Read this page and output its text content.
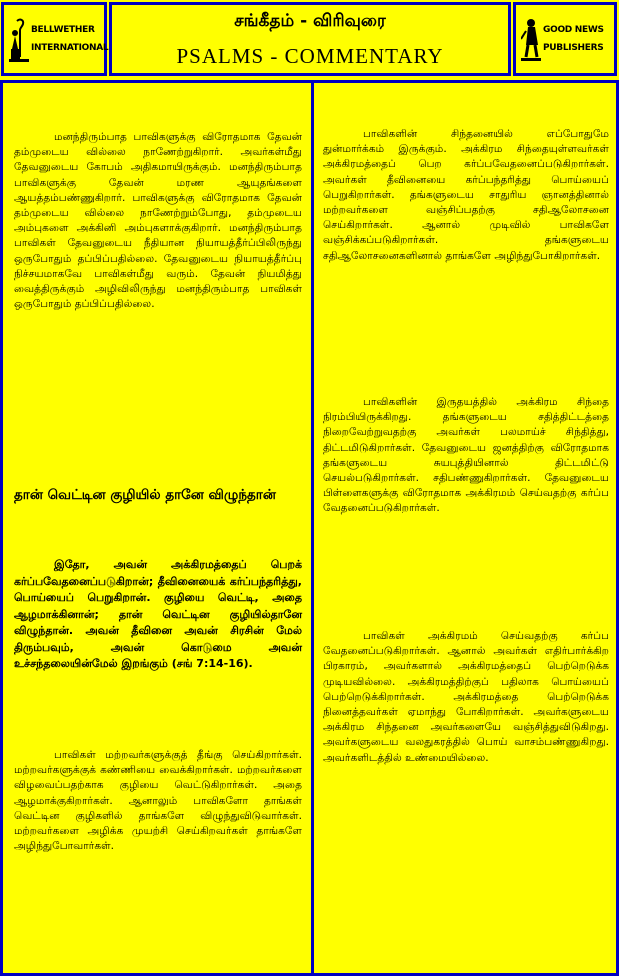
BELLWETHER
INTERNATIONAL
சங்கீதம் - விரிவுரை
PSALMS - COMMENTARY
GOOD NEWS
PUBLISHERS

மனந்திரும்பாத பாவிகளுக்கு விரோதமாக தேவன் தம்முடைய வில்லை நாணேற்றுகிறார். அவர்கள்மீது தேவனுடைய கோபம் அதிகமாயிருக்கும். மனந்திரும்பாத பாவிகளுக்கு தேவன் மரண ஆயுதங்களை ஆயத்தம்பண்ணுகிறார். பாவிகளுக்கு விரோதமாக தேவன் தம்முடைய வில்லை நாணேற்றும்போது, தம்முடைய அம்புகளை அக்கினி அம்புகளாக்குகிறார். மனந்திரும்பாத பாவிகள் தேவனுடைய நீதியான நியாயத்தீர்ப்பிலிருந்து ஒருபோதும் தப்பிப்பதில்லை. தேவனுடைய நியாயத்தீர்ப்பு நிச்சயமாகவே பாவிகள்மீது வரும். தேவன் நியமித்து வைத்திருக்கும் அழிவிலிருந்து மனந்திரும்பாத பாவிகள் ஒருபோதும் தப்பிப்பதில்லை.

தான் வெட்டின குழியில் தானே விழுந்தான்

இதோ, அவன் அக்கிரமத்தைப் பெறக் கர்ப்பவேதனைப்படுகிறான்; தீவினையைக் கர்ப்பந்தரித்து, பொய்யைப் பெறுகிறான். குழியை வெட்டி, அதை ஆழமாக்கினான்; தான் வெட்டின குழியில்தானே விழுந்தான். அவன் தீவினை அவன் சிரசின் மேல் திரும்பவும், அவன் கொடுமை அவன் உச்சந்தலையின்மேல் இறங்கும் (சங் 7:14-16).

பாவிகள் மற்றவர்களுக்குத் தீங்கு செய்கிறார்கள். மற்றவர்களுக்குக் கண்ணியை வைக்கிறார்கள். மற்றவர்களை விழவைப்பதற்காக குழியை வெட்டுகிறார்கள். அதை ஆழமாக்குகிறார்கள். ஆனாலும் பாவிகளோ தாங்கள் வெட்டின குழிகளில் தாங்களே விழுந்துவிடுவார்கள். மற்றவர்களை அழிக்க முயற்சி செய்கிறவர்கள் தாங்களே அழிந்துபோவார்கள்.

பாவிகளின் சிந்தனையில் எப்போதுமே துன்மார்க்கம் இருக்கும். அக்கிரம சிந்தையுள்ளவர்கள் அக்கிரமத்தைப் பெற கர்ப்பவேதனைப்படுகிறார்கள். அவர்கள் தீவினையை கர்ப்பந்தரித்து பொய்யைப் பெறுகிறார்கள். தங்களுடைய சாதுரிய ஞானத்தினால் மற்றவர்களை வஞ்சிப்பதற்கு சதிஆலோசனை செய்கிறார்கள். ஆனால் முடிவில் பாவிகளே வஞ்சிக்கப்படுகிறார்கள். தங்களுடைய சதிஆலோசனைகளினால் தாங்களே அழிந்துபோகிறார்கள்.

பாவிகளின் இருதயத்தில் அக்கிரம சிந்தை நிரம்பியிருக்கிறது. தங்களுடைய சதித்திட்டத்தை நிறைவேற்றுவதற்கு அவர்கள் பலமாய்ச் சிந்தித்து, திட்டமிடுகிறார்கள். தேவனுடைய ஜனத்திற்கு விரோதமாக தங்களுடைய சுயபுத்தியினால் திட்டமிட்டு செயல்படுகிறார்கள். சதிபண்ணுகிறார்கள். தேவனுடைய பிள்ளைகளுக்கு விரோதமாக அக்கிரமம் செய்வதற்கு கர்ப்ப வேதனைப்படுகிறார்கள்.

பாவிகள் அக்கிரமம் செய்வதற்கு கர்ப்ப வேதனைப்படுகிறார்கள். ஆனால் அவர்கள் எதிர்பார்க்கிற பிரகாரம், அவர்களால் அக்கிரமத்தைப் பெற்றெடுக்க முடியவில்லை. அக்கிரமத்திற்குப் பதிலாக பொய்யைப் பெற்றெடுக்கிறார்கள். அக்கிரமத்தை பெற்றெடுக்க நினைத்தவர்கள் ஏமாந்து போகிறார்கள். அவர்களுடைய அக்கிரம சிந்தனை அவர்களையே வஞ்சித்துவிடுகிறது. அவர்களுடைய வலதுகரத்தில் பொய் வாசம்பண்ணுகிறது. அவர்களிடத்தில் உண்மையில்லை.
